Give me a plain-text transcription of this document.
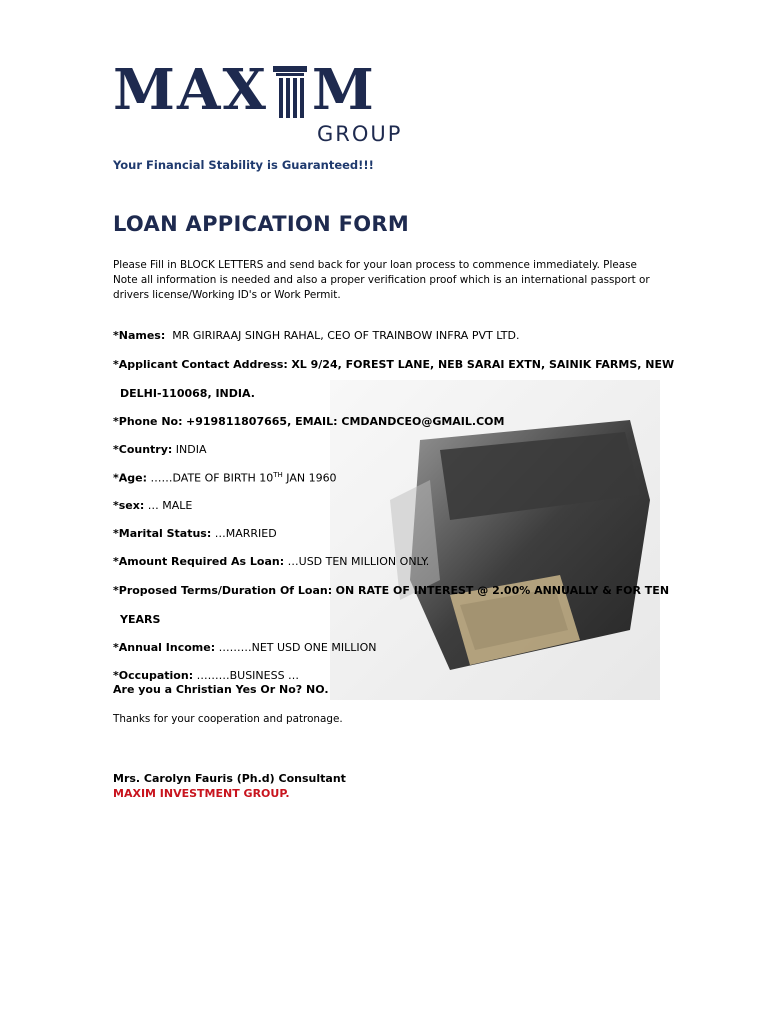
MAX M
GROUP
Your Financial Stability is Guaranteed!!!
LOAN APPICATION FORM
Please Fill in BLOCK LETTERS and send back for your loan process to commence immediately. Please Note all information is needed and also a proper verification proof which is an international passport or drivers license/Working ID's or Work Permit.
*Names: MR GIRIRAAJ SINGH RAHAL, CEO OF TRAINBOW INFRA PVT LTD.
*Applicant Contact Address: XL 9/24, FOREST LANE, NEB SARAI EXTN, SAINIK FARMS, NEW
DELHI-110068, INDIA.
*Phone No: +919811807665, EMAIL: CMDANDCEO@GMAIL.COM
*Country: INDIA
*Age: ……DATE OF BIRTH 10TH JAN 1960
*sex: … MALE
*Marital Status: …MARRIED
*Amount Required As Loan: …USD TEN MILLION ONLY.
*Proposed Terms/Duration Of Loan: ON RATE OF INTEREST @ 2.00% ANNUALLY & FOR TEN
YEARS
*Annual Income: ………NET USD ONE MILLION
*Occupation: ………BUSINESS …
Are you a Christian Yes Or No? NO.
Thanks for your cooperation and patronage.
Mrs. Carolyn Fauris (Ph.d) Consultant
MAXIM INVESTMENT GROUP.
